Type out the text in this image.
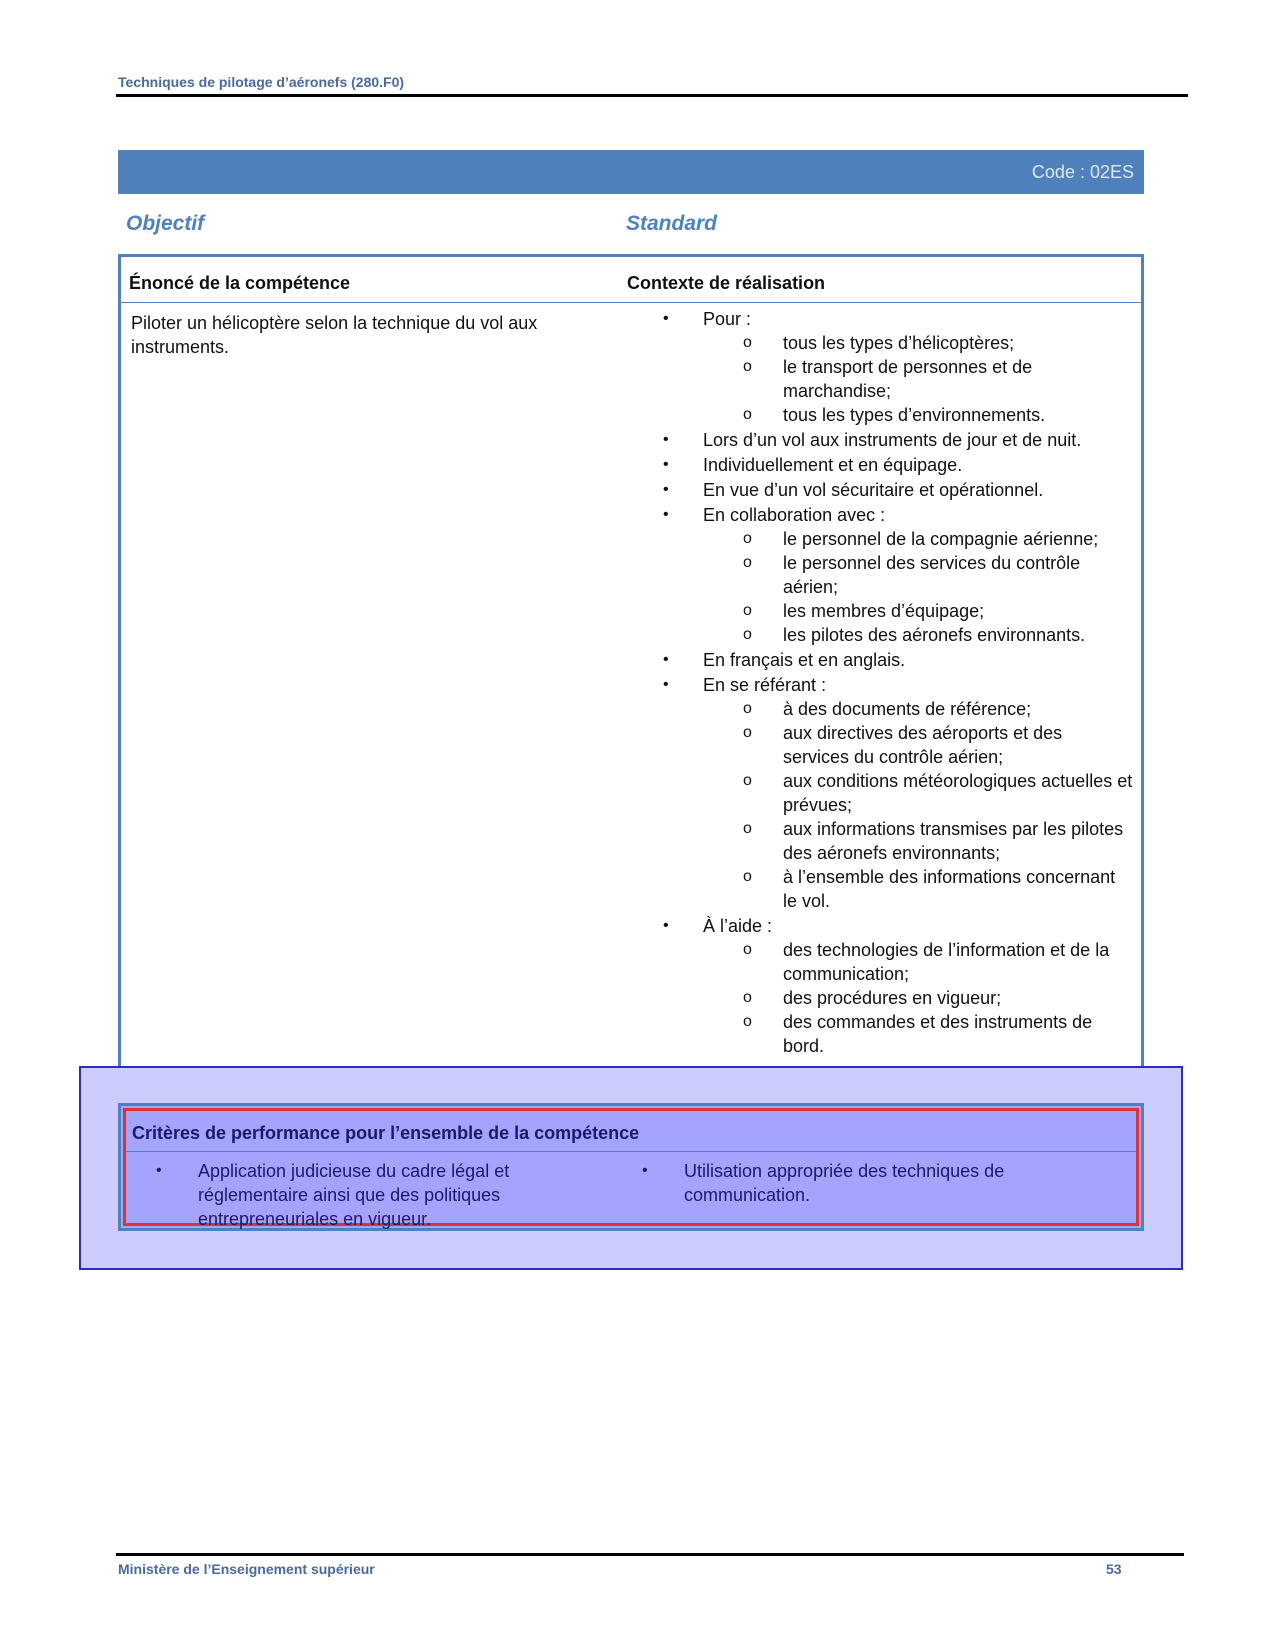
Techniques de pilotage d’aéronefs (280.F0)
Code : 02ES
Objectif	Standard
Énoncé de la compétence	Contexte de réalisation
Piloter un hélicoptère selon la technique du vol aux instruments.
• Pour :
o tous les types d’hélicoptères;
o le transport de personnes et de marchandise;
o tous les types d’environnements.
• Lors d’un vol aux instruments de jour et de nuit.
• Individuellement et en équipage.
• En vue d’un vol sécuritaire et opérationnel.
• En collaboration avec :
o le personnel de la compagnie aérienne;
o le personnel des services du contrôle aérien;
o les membres d’équipage;
o les pilotes des aéronefs environnants.
• En français et en anglais.
• En se référant :
o à des documents de référence;
o aux directives des aéroports et des services du contrôle aérien;
o aux conditions météorologiques actuelles et prévues;
o aux informations transmises par les pilotes des aéronefs environnants;
o à l’ensemble des informations concernant le vol.
• À l’aide :
o des technologies de l’information et de la communication;
o des procédures en vigueur;
o des commandes et des instruments de bord.
Critères de performance pour l’ensemble de la compétence
• Application judicieuse du cadre légal et réglementaire ainsi que des politiques entrepreneuriales en vigueur.
• Utilisation appropriée des techniques de communication.
Ministère de l’Enseignement supérieur	53
